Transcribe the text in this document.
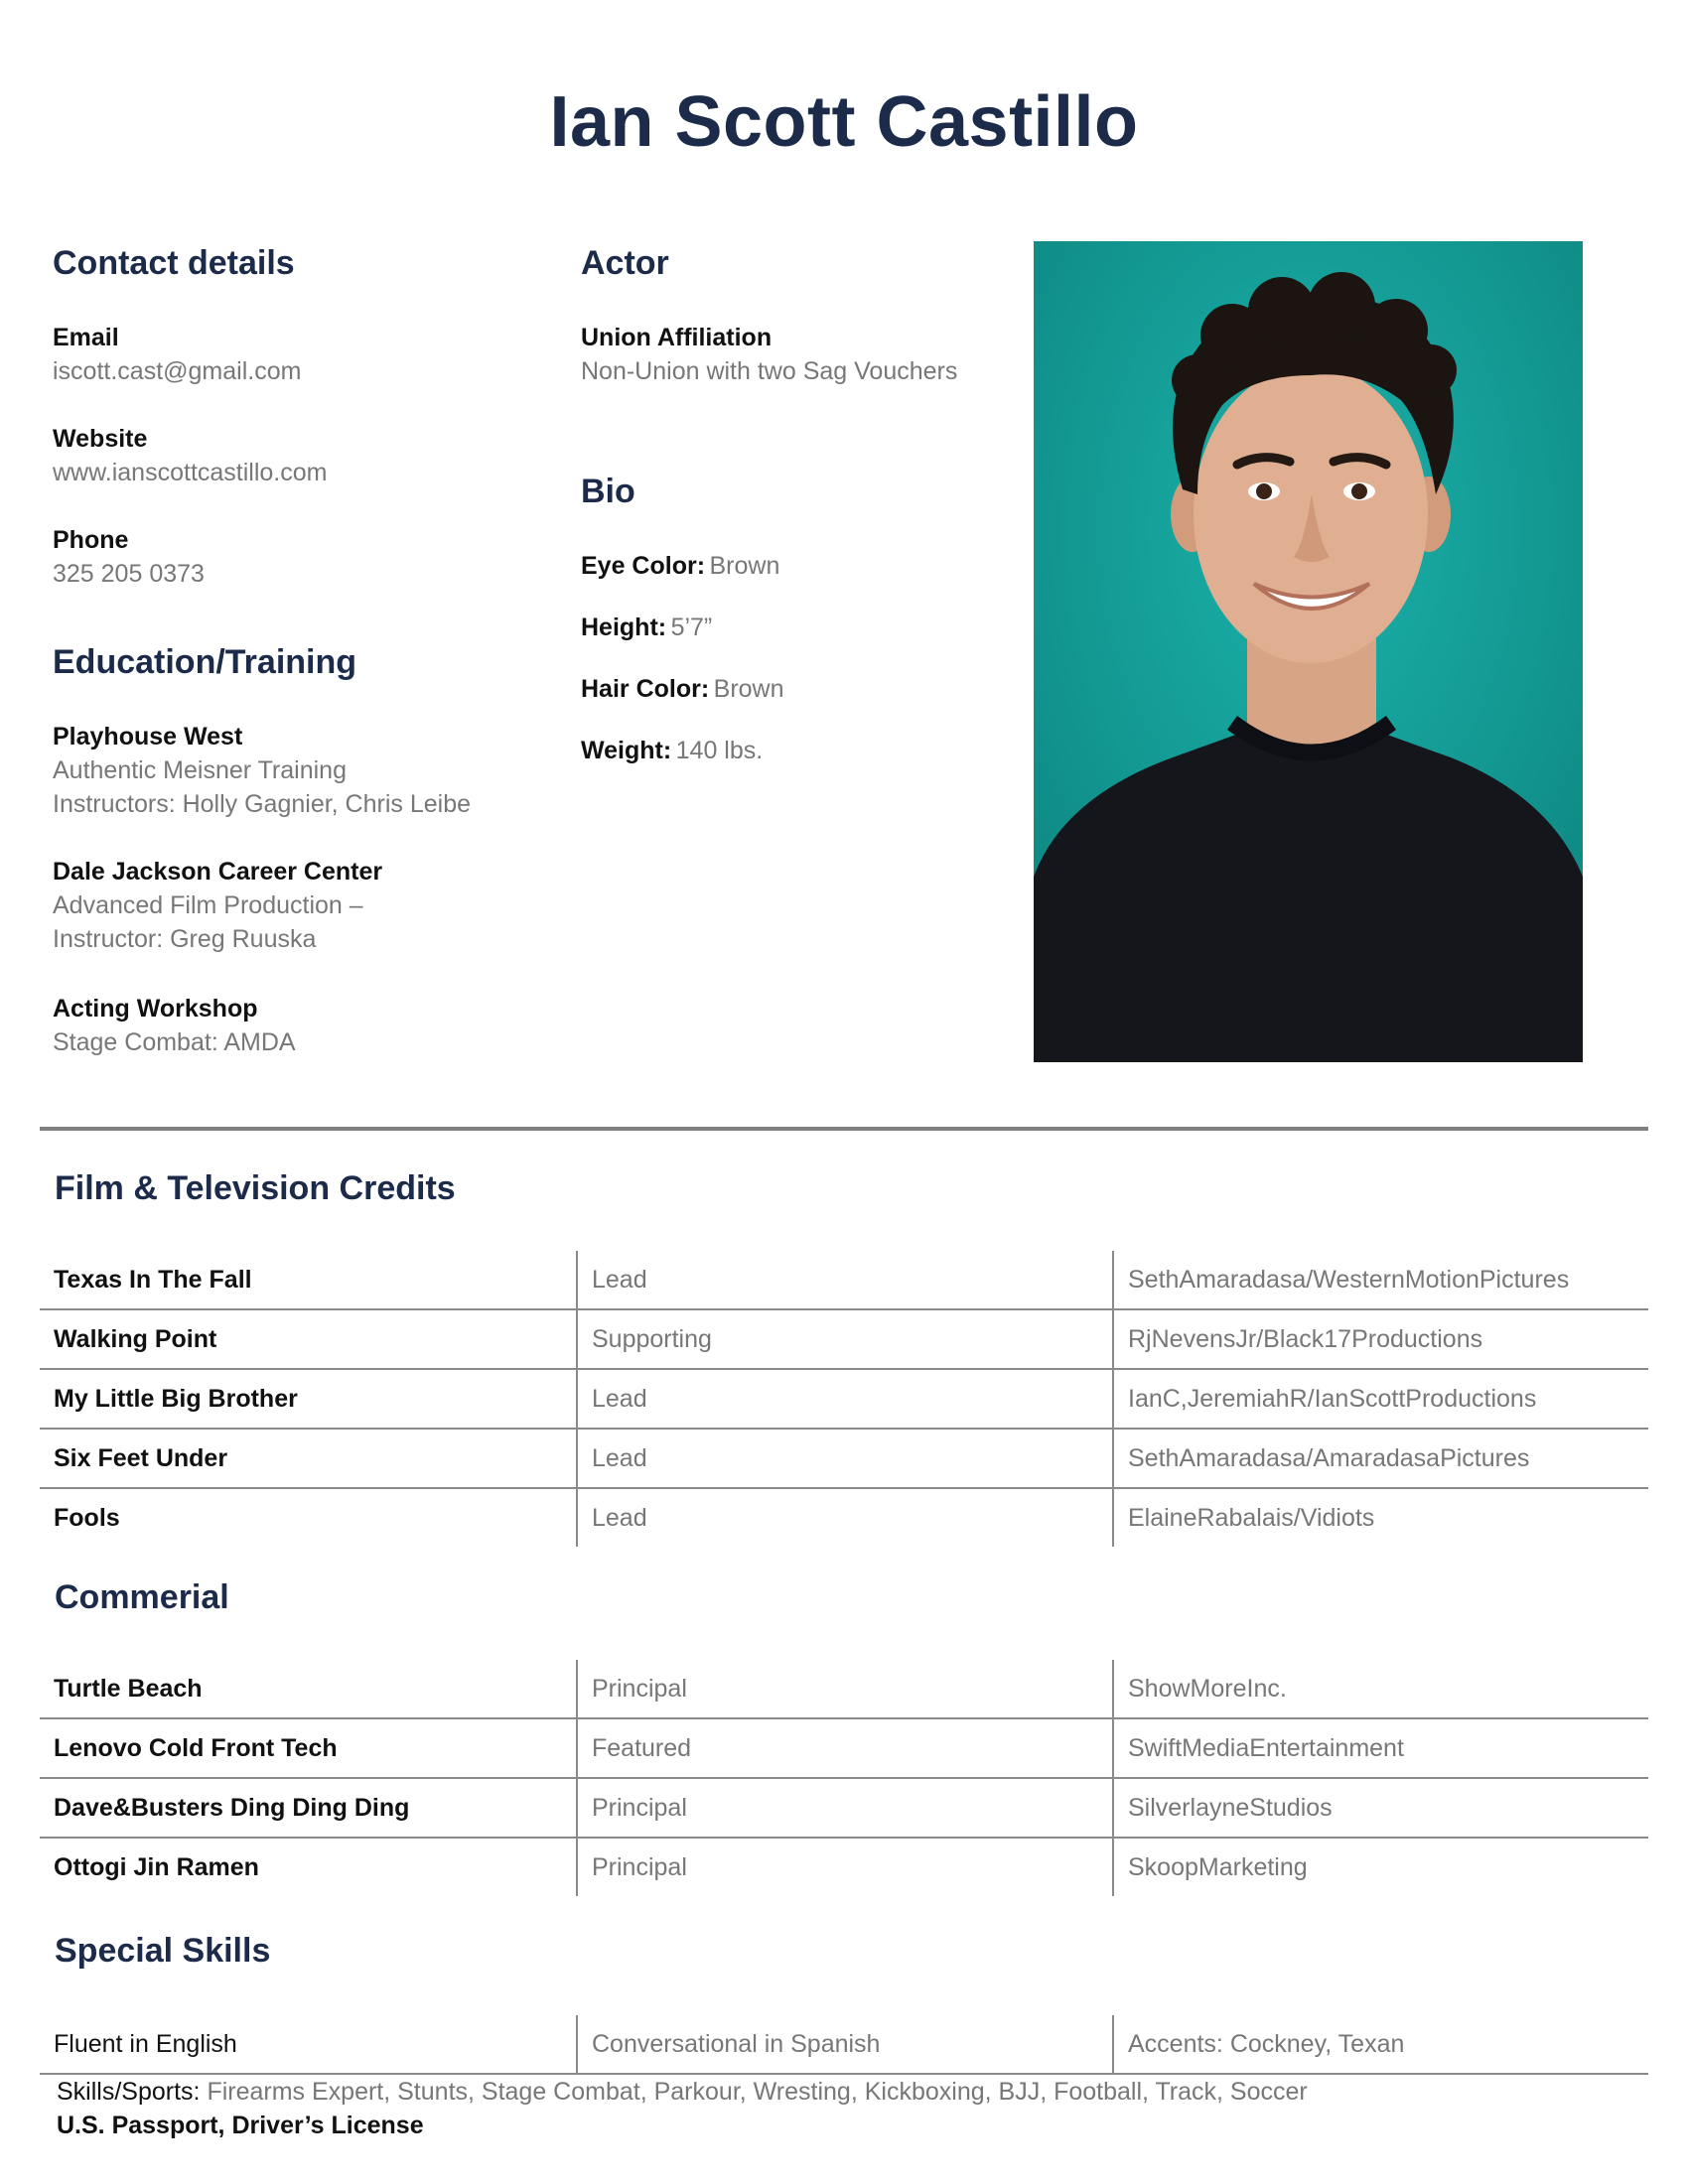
Ian Scott Castillo
Contact details
Email
iscott.cast@gmail.com
Website
www.ianscottcastillo.com
Phone
325 205 0373
Education/Training
Playhouse West
Authentic Meisner Training
Instructors: Holly Gagnier, Chris Leibe
Dale Jackson Career Center
Advanced Film Production –
Instructor: Greg Ruuska
Acting Workshop
Stage Combat: AMDA
Actor
Union Affiliation
Non-Union with two Sag Vouchers
Bio
Eye Color: Brown
Height: 5’7”
Hair Color: Brown
Weight: 140 lbs.
Film & Television Credits
Texas In The Fall	Lead	SethAmaradasa/WesternMotionPictures
Walking Point	Supporting	RjNevensJr/Black17Productions
My Little Big Brother	Lead	IanC,JeremiahR/IanScottProductions
Six Feet Under	Lead	SethAmaradasa/AmaradasaPictures
Fools	Lead	ElaineRabalais/Vidiots
Commerial
Turtle Beach	Principal	ShowMoreInc.
Lenovo Cold Front Tech	Featured	SwiftMediaEntertainment
Dave&Busters Ding Ding Ding	Principal	SilverlayneStudios
Ottogi Jin Ramen	Principal	SkoopMarketing
Special Skills
Fluent in English	Conversational in Spanish	Accents: Cockney, Texan
Skills/Sports: Firearms Expert, Stunts, Stage Combat, Parkour, Wresting, Kickboxing, BJJ, Football, Track, Soccer
U.S. Passport, Driver’s License
